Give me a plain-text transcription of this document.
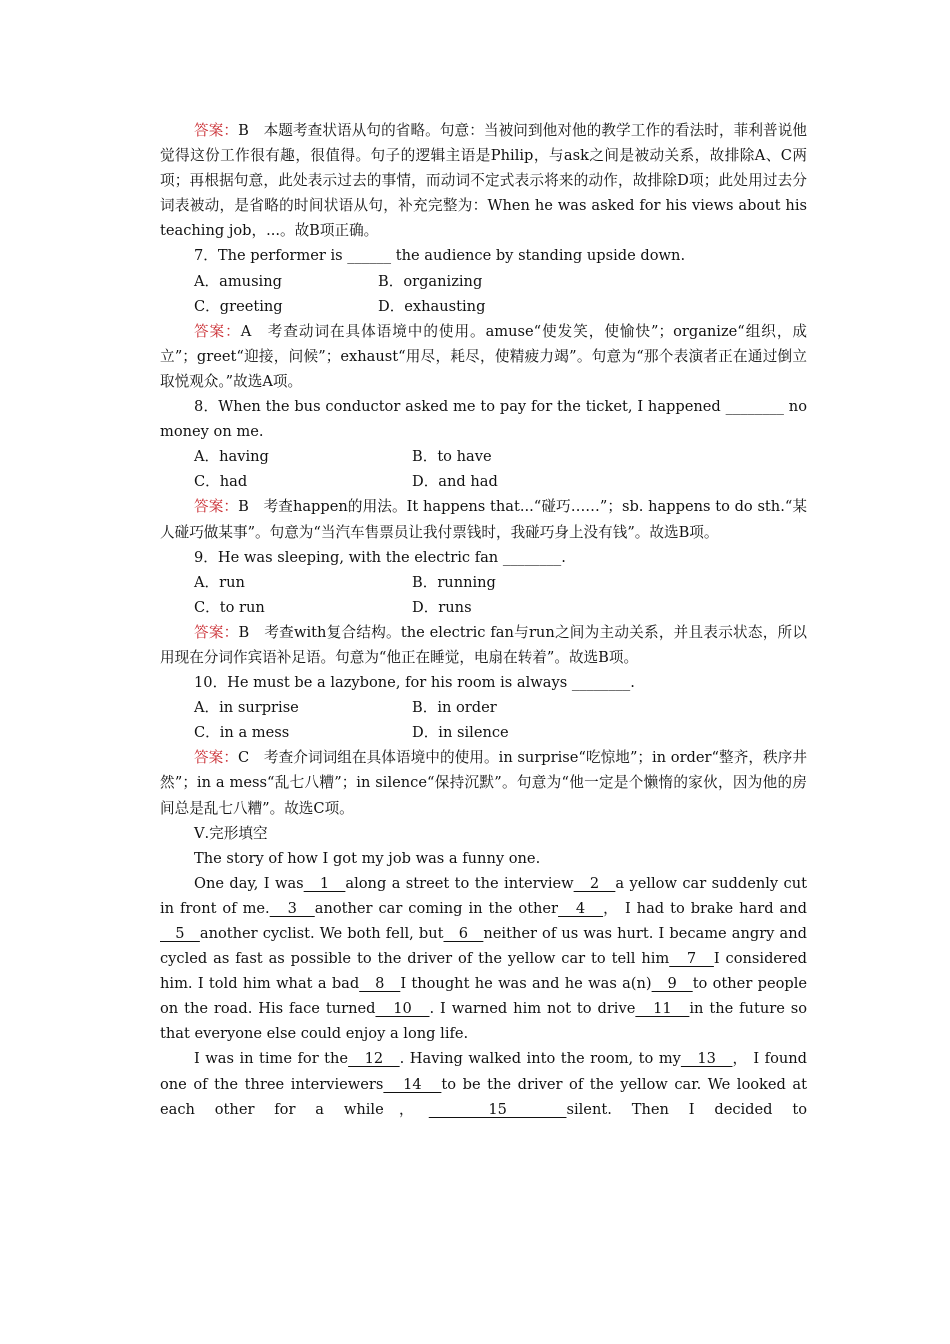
答案：B　本题考查状语从句的省略。句意：当被问到他对他的教学工作的看法时，菲利普说他觉得这份工作很有趣，很值得。句子的逻辑主语是Philip，与ask之间是被动关系，故排除A、C两项；再根据句意，此处表示过去的事情，而动词不定式表示将来的动作，故排除D项；此处用过去分词表被动，是省略的时间状语从句，补充完整为：When he was asked for his views about his teaching job，...。故B项正确。

7．The performer is ______ the audience by standing upside down.

A．amusing	B．organizing
C．greeting	D．exhausting

答案：A　考查动词在具体语境中的使用。amuse“使发笑，使愉快”；organize“组织，成立”；greet“迎接，问候”；exhaust“用尽，耗尽，使精疲力竭”。句意为“那个表演者正在通过倒立取悦观众。”故选A项。

8．When the bus conductor asked me to pay for the ticket, I happened ________ no money on me.

A．having	B．to have
C．had	D．and had

答案：B　考查happen的用法。It happens that...“碰巧……”；sb. happens to do sth.“某人碰巧做某事”。句意为“当汽车售票员让我付票钱时，我碰巧身上没有钱”。故选B项。

9．He was sleeping, with the electric fan ________.

A．run	B．running
C．to run	D．runs

答案：B　考查with复合结构。the electric fan与run之间为主动关系，并且表示状态，所以用现在分词作宾语补足语。句意为“他正在睡觉，电扇在转着”。故选B项。

10．He must be a lazybone, for his room is always ________.

A．in surprise	B．in order
C．in a mess	D．in silence

答案：C　考查介词词组在具体语境中的使用。in surprise“吃惊地”；in order“整齐，秩序井然”；in a mess“乱七八糟”；in silence“保持沉默”。句意为“他一定是个懒惰的家伙，因为他的房间总是乱七八糟”。故选C项。

Ⅴ.完形填空

The story of how I got my job was a funny one.

One day, I was   1   along a street to the interview   2   a yellow car suddenly cut in front of me.   3   another car coming in the other   4   ， I had to brake hard and   5   another cyclist. We both fell, but   6   neither of us was hurt. I became angry and cycled as fast as possible to the driver of the yellow car to tell him   7   I considered him. I told him what a bad   8   I thought he was and he was a(n)   9   to other people on the road. His face turned   10   . I warned him not to drive   11   in the future so that everyone else could enjoy a long life.

I was in time for the   12   . Having walked into the room, to my   13   ， I found one of the three interviewers   14   to be the driver of the yellow car. We looked at each other for a while，   15   silent. Then I decided to
